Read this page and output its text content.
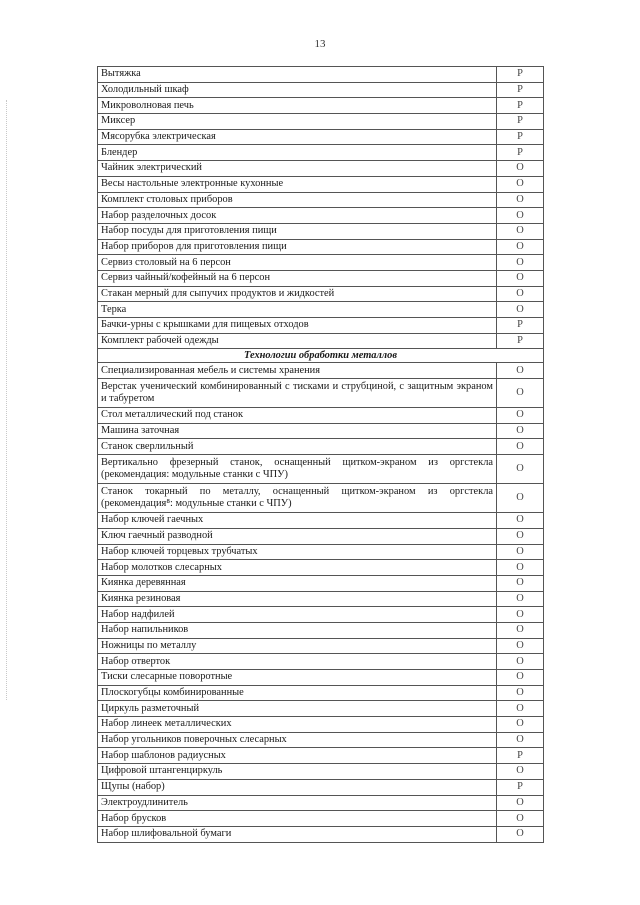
13
Вытяжка	Р
Холодильный шкаф	Р
Микроволновая печь	Р
Миксер	Р
Мясорубка электрическая	Р
Блендер	Р
Чайник электрический	О
Весы настольные электронные кухонные	О
Комплект столовых приборов	О
Набор разделочных досок	О
Набор посуды для приготовления пищи	О
Набор приборов для приготовления пищи	О
Сервиз столовый на 6 персон	О
Сервиз чайный/кофейный на 6 персон	О
Стакан мерный для сыпучих продуктов и жидкостей	О
Терка	О
Бачки-урны с крышками для пищевых отходов	Р
Комплект рабочей одежды	Р
Технологии обработки металлов	
Специализированная мебель и системы хранения	О
Верстак ученический комбинированный с тисками и струбциной, с защитным экраном и табуретом	О
Стол металлический под станок	О
Машина заточная	О
Станок сверлильный	О
Вертикально фрезерный станок, оснащенный щитком-экраном из оргстекла (рекомендация: модульные станки с ЧПУ)	О
Станок токарный по металлу, оснащенный щитком-экраном из оргстекла (рекомендация⁸: модульные станки с ЧПУ)	О
Набор ключей гаечных	О
Ключ гаечный разводной	О
Набор ключей торцевых трубчатых	О
Набор молотков слесарных	О
Киянка деревянная	О
Киянка резиновая	О
Набор надфилей	О
Набор напильников	О
Ножницы по металлу	О
Набор отверток	О
Тиски слесарные поворотные	О
Плоскогубцы комбинированные	О
Циркуль разметочный	О
Набор линеек металлических	О
Набор угольников поверочных слесарных	О
Набор шаблонов радиусных	Р
Цифровой штангенциркуль	О
Щупы (набор)	Р
Электроудлинитель	О
Набор брусков	О
Набор шлифовальной бумаги	О
